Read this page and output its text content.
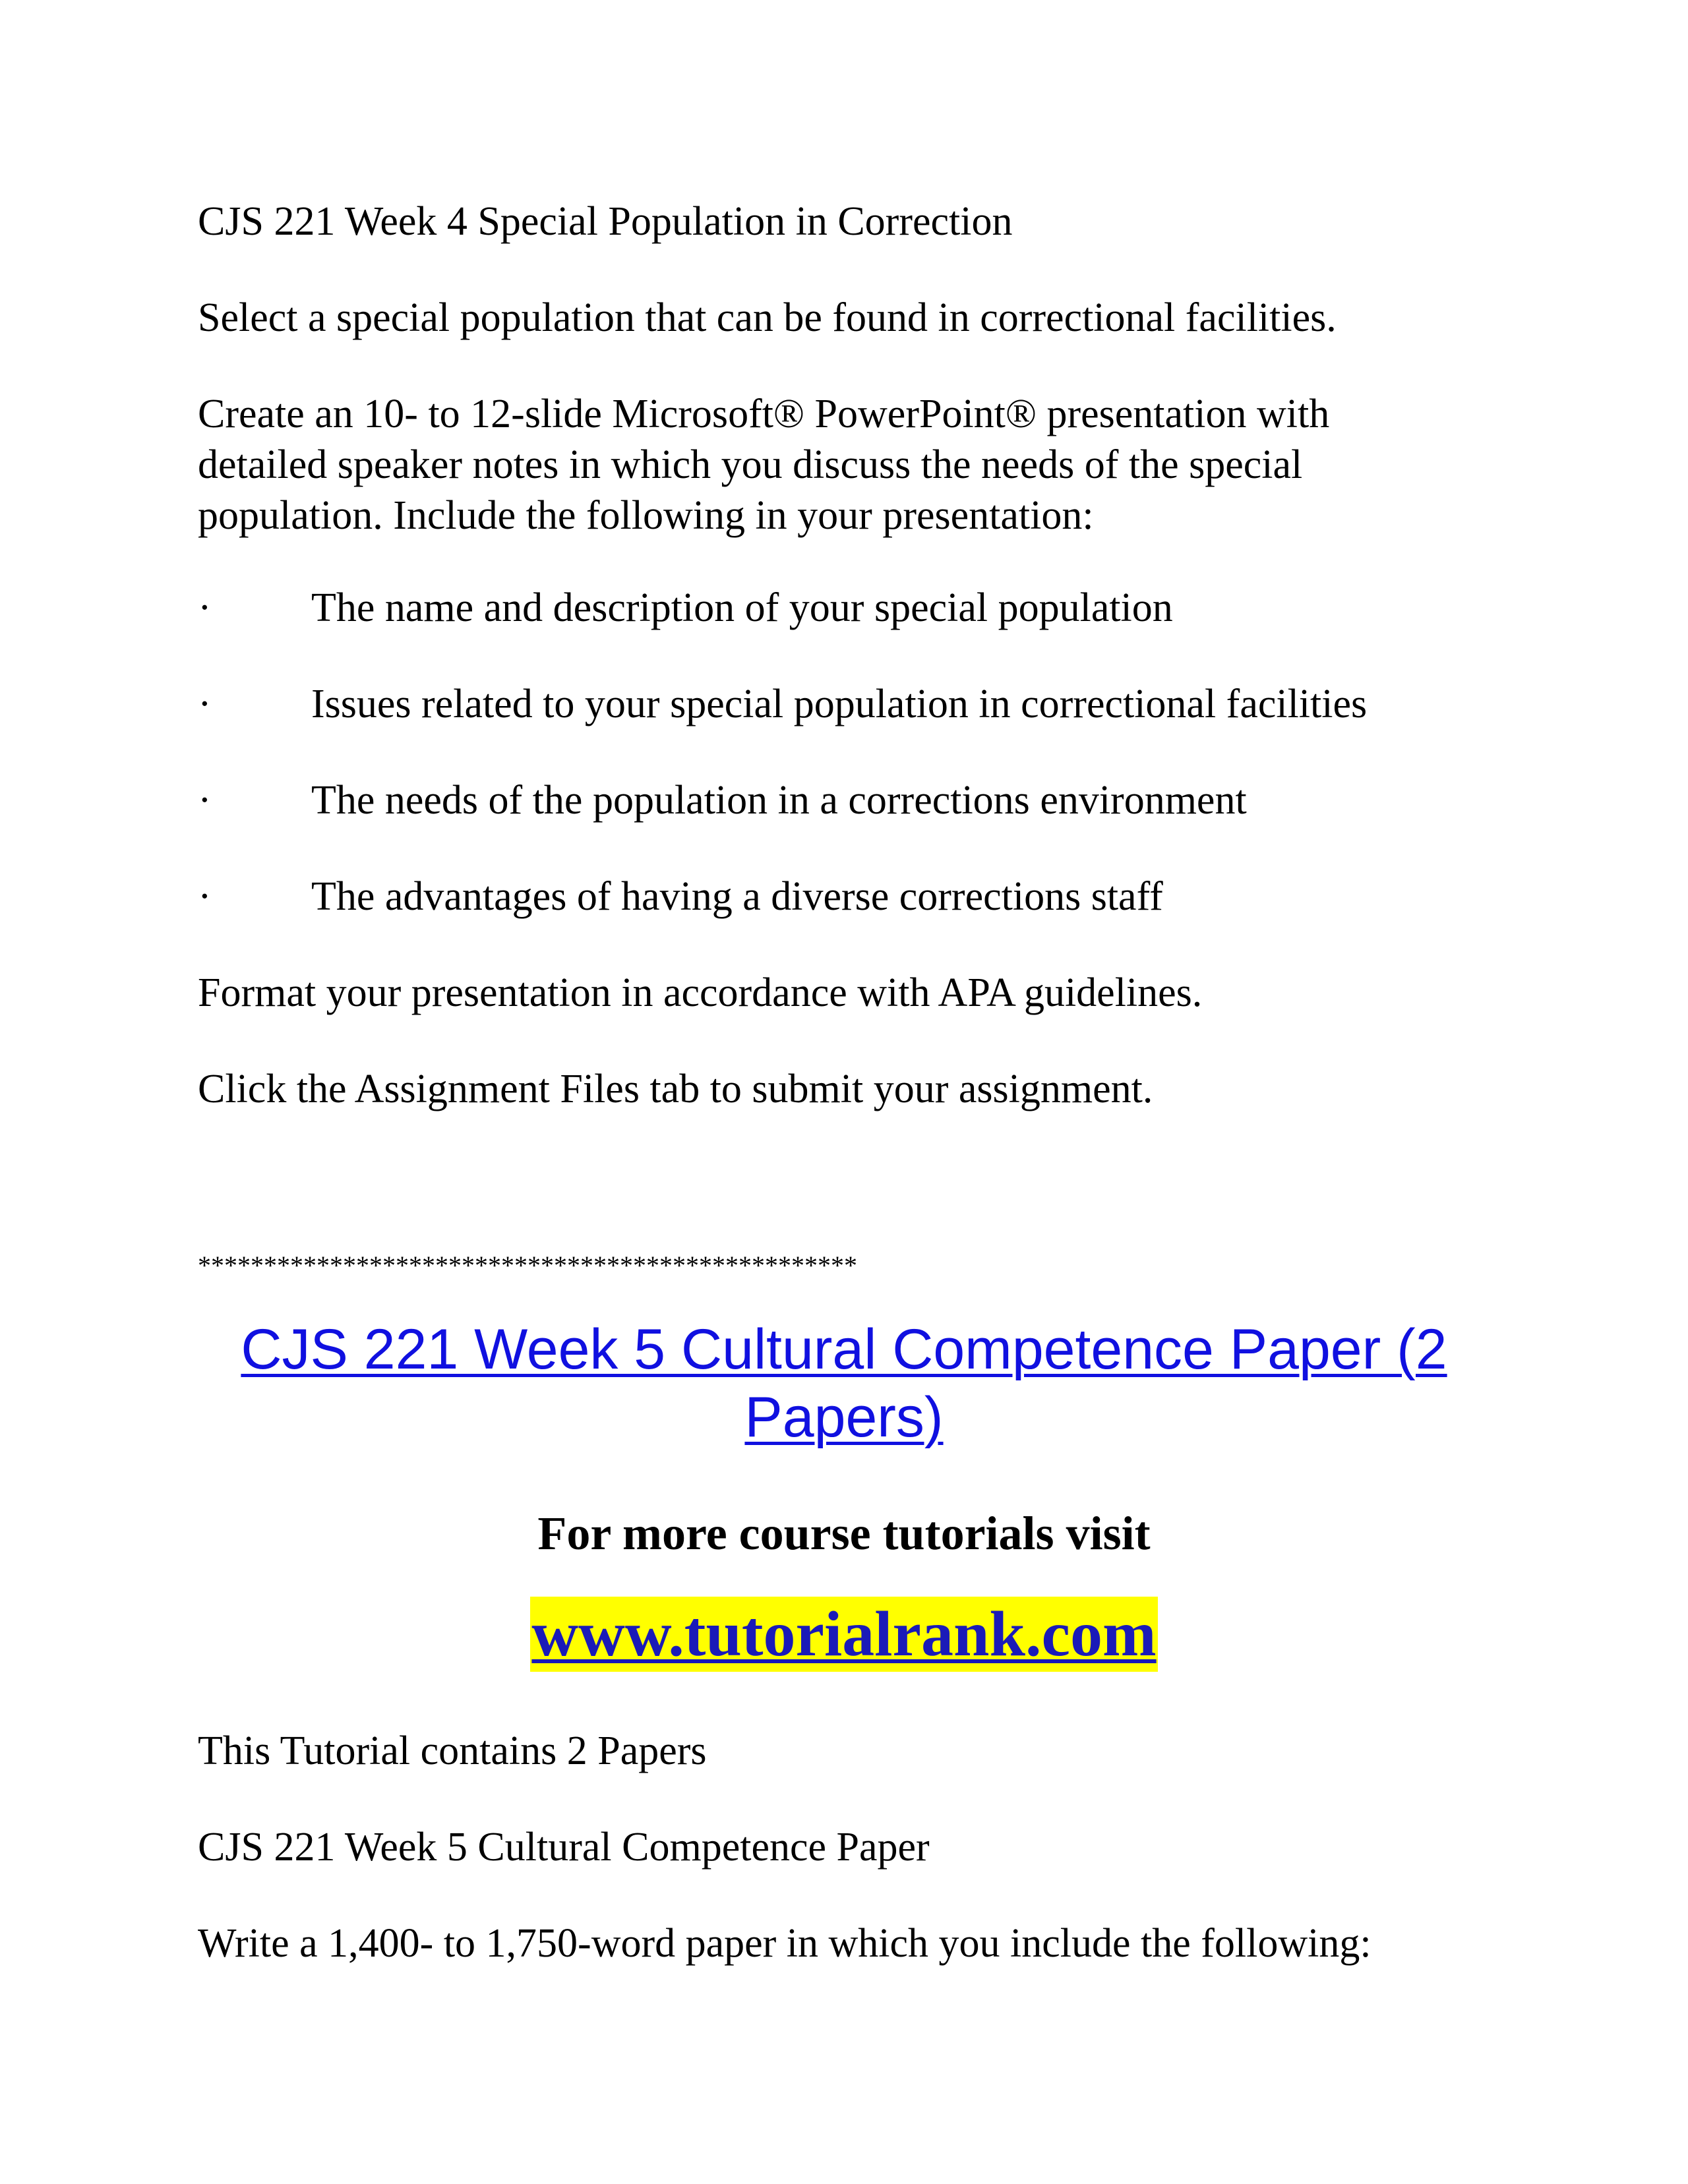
CJS 221 Week 4 Special Population in Correction

Select a special population that can be found in correctional facilities.

Create an 10- to 12-slide Microsoft® PowerPoint® presentation with detailed speaker notes in which you discuss the needs of the special population. Include the following in your presentation:

· The name and description of your special population
· Issues related to your special population in correctional facilities
· The needs of the population in a corrections environment
· The advantages of having a diverse corrections staff

Format your presentation in accordance with APA guidelines.

Click the Assignment Files tab to submit your assignment.

**************************************************
CJS 221 Week 5 Cultural Competence Paper (2 Papers)
For more course tutorials visit
www.tutorialrank.com

This Tutorial contains 2 Papers

CJS 221 Week 5 Cultural Competence Paper

Write a 1,400- to 1,750-word paper in which you include the following:
